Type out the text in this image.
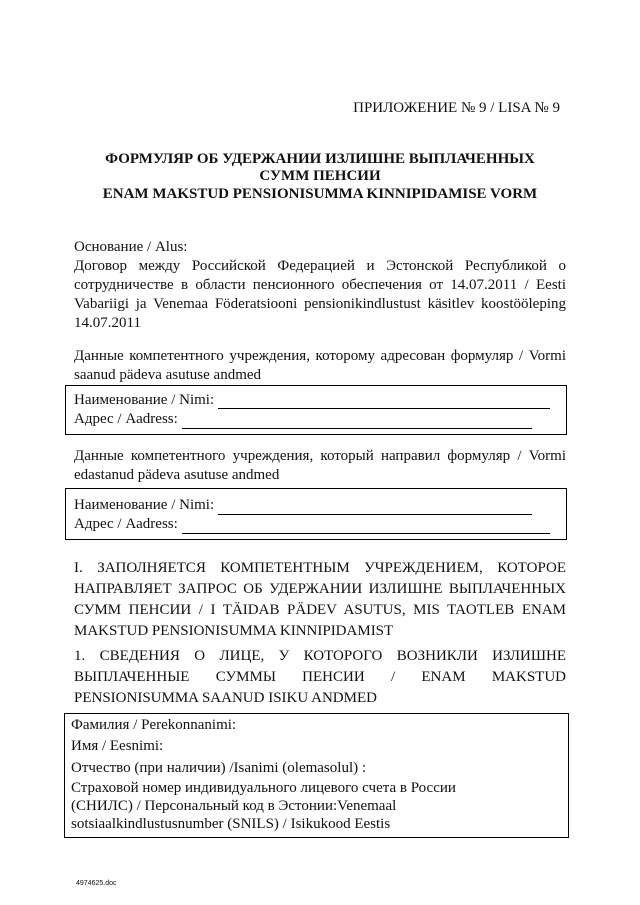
ПРИЛОЖЕНИЕ № 9 / LISA № 9
ФОРМУЛЯР ОБ УДЕРЖАНИИ ИЗЛИШНЕ ВЫПЛАЧЕННЫХ
СУММ ПЕНСИИ
ENAM MAKSTUD PENSIONISUMMA KINNIPIDAMISE VORM
Основание / Alus:
Договор между Российской Федерацией и Эстонской Республикой о сотрудничестве в области пенсионного обеспечения от 14.07.2011 / Eesti Vabariigi ja Venemaa Föderatsiooni pensionikindlustust käsitlev koostööleping 14.07.2011
Данные компетентного учреждения, которому адресован формуляр / Vormi saanud pädeva asutuse andmed
Наименование / Nimi:
Адрес / Aadress:
Данные компетентного учреждения, который направил формуляр / Vormi edastanud pädeva asutuse andmed
Наименование / Nimi:
Адрес / Aadress:
I. ЗАПОЛНЯЕТСЯ КОМПЕТЕНТНЫМ УЧРЕЖДЕНИЕМ, КОТОРОЕ НАПРАВЛЯЕТ ЗАПРОС ОБ УДЕРЖАНИИ ИЗЛИШНЕ ВЫПЛАЧЕННЫХ СУММ ПЕНСИИ / I TÄIDAB PÄDEV ASUTUS, MIS TAOTLEB ENAM MAKSTUD PENSIONISUMMA KINNIPIDAMIST
1. СВЕДЕНИЯ О ЛИЦЕ, У КОТОРОГО ВОЗНИКЛИ ИЗЛИШНЕ ВЫПЛАЧЕННЫЕ СУММЫ ПЕНСИИ / ENAM MAKSTUD PENSIONISUMMA SAANUD ISIKU ANDMED
Фамилия / Perekonnanimi:
Имя / Eesnimi:
Отчество (при наличии) /Isanimi (olemasolul) :
Страховой номер индивидуального лицевого счета в России
(СНИЛС) / Персональный код в Эстонии:Venemaal
sotsiaalkindlustusnumber (SNILS) / Isikukood Eestis
4974625.doc
